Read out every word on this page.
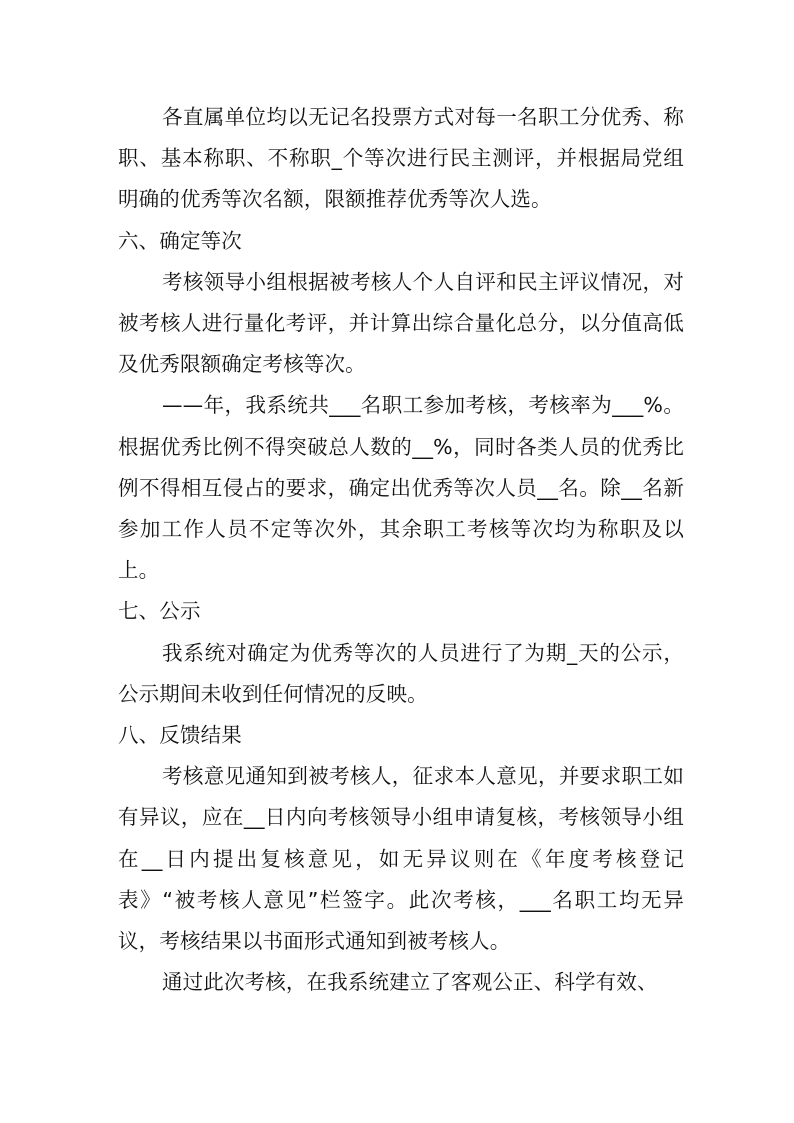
各直属单位均以无记名投票方式对每一名职工分优秀、称职、基本称职、不称职_个等次进行民主测评，并根据局党组明确的优秀等次名额，限额推荐优秀等次人选。

六、确定等次

考核领导小组根据被考核人个人自评和民主评议情况，对被考核人进行量化考评，并计算出综合量化总分，以分值高低及优秀限额确定考核等次。

——年，我系统共___名职工参加考核，考核率为___%。根据优秀比例不得突破总人数的__%，同时各类人员的优秀比例不得相互侵占的要求，确定出优秀等次人员__名。除__名新参加工作人员不定等次外，其余职工考核等次均为称职及以上。

七、公示

我系统对确定为优秀等次的人员进行了为期_天的公示，公示期间未收到任何情况的反映。

八、反馈结果

考核意见通知到被考核人，征求本人意见，并要求职工如有异议，应在__日内向考核领导小组申请复核，考核领导小组在__日内提出复核意见，如无异议则在《年度考核登记表》“被考核人意见”栏签字。此次考核，___名职工均无异议，考核结果以书面形式通知到被考核人。

通过此次考核，在我系统建立了客观公正、科学有效、
